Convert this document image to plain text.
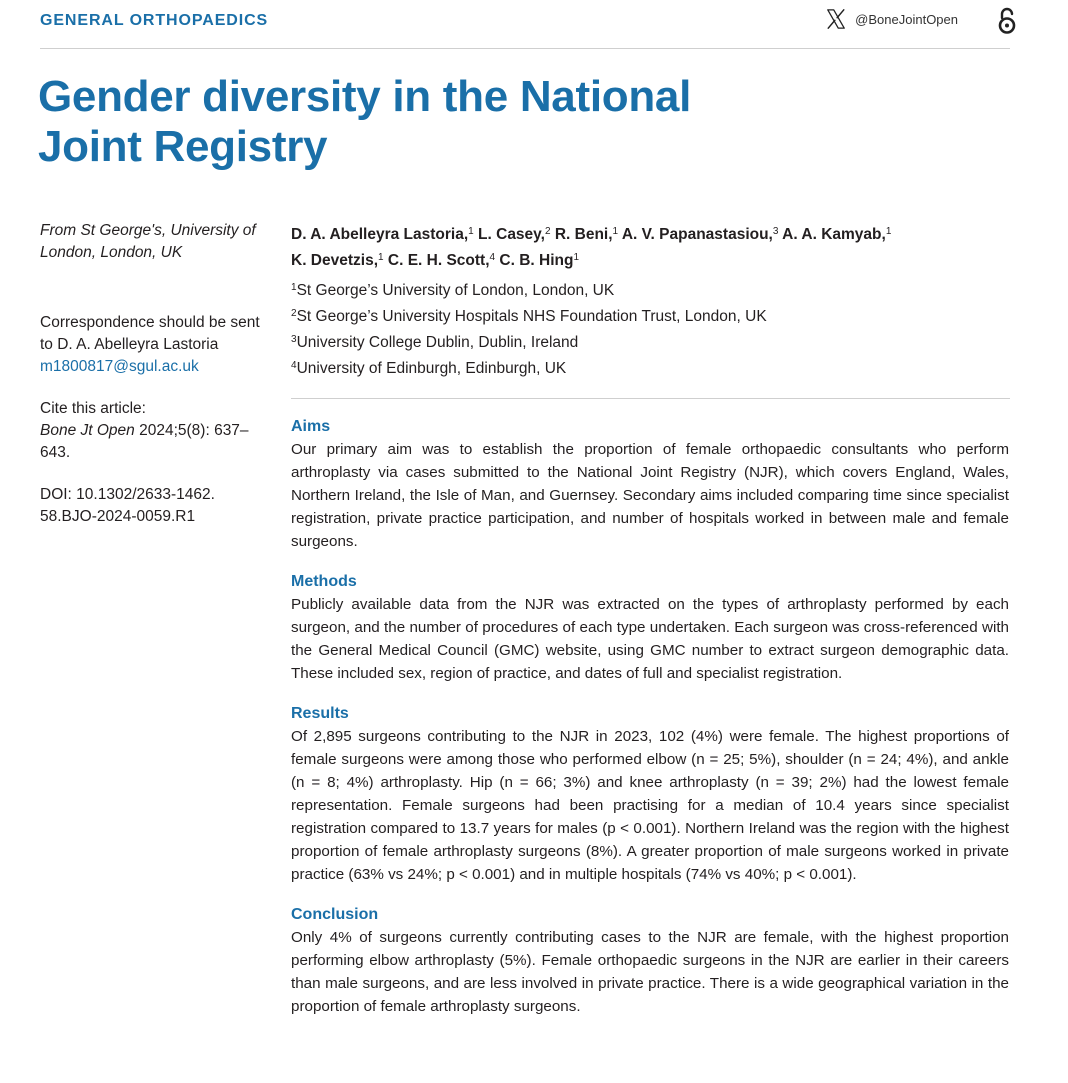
GENERAL ORTHOPAEDICS	@BoneJointOpen
Gender diversity in the National
Joint Registry

From St George's, University of London, London, UK

Correspondence should be sent to D. A. Abelleyra Lastoria

m1800817@sgul.ac.uk

Cite this article:

Bone Jt Open 2024;5(8): 637–643.

DOI: 10.1302/2633-1462.
58.BJO-2024-0059.R1

D. A. Abelleyra Lastoria,$^1$ L. Casey,$^2$ R. Beni,$^1$ A. V. Papanastasiou,$^3$ A. A. Kamyab,$^1$
K. Devetzis,$^1$ C. E. H. Scott,$^4$ C. B. Hing$^1$

$^1$St George’s University of London, London, UK
$^2$St George’s University Hospitals NHS Foundation Trust, London, UK
$^3$University College Dublin, Dublin, Ireland
$^4$University of Edinburgh, Edinburgh, UK
Aims

Our primary aim was to establish the proportion of female orthopaedic consultants who perform arthroplasty via cases submitted to the National Joint Registry (NJR), which covers England, Wales, Northern Ireland, the Isle of Man, and Guernsey. Secondary aims included comparing time since specialist registration, private practice participation, and number of hospitals worked in between male and female surgeons.

Methods

Publicly available data from the NJR was extracted on the types of arthroplasty performed by each surgeon, and the number of procedures of each type undertaken. Each surgeon was cross-referenced with the General Medical Council (GMC) website, using GMC number to extract surgeon demographic data. These included sex, region of practice, and dates of full and specialist registration.

Results

Of 2,895 surgeons contributing to the NJR in 2023, 102 (4%) were female. The highest proportions of female surgeons were among those who performed elbow (n = 25; 5%), shoulder (n = 24; 4%), and ankle (n = 8; 4%) arthroplasty. Hip (n = 66; 3%) and knee arthroplasty (n = 39; 2%) had the lowest female representation. Female surgeons had been practising for a median of 10.4 years since specialist registration compared to 13.7 years for males (p < 0.001). Northern Ireland was the region with the highest proportion of female arthroplasty surgeons (8%). A greater proportion of male surgeons worked in private practice (63% vs 24%; p < 0.001) and in multiple hospitals (74% vs 40%; p < 0.001).

Conclusion

Only 4% of surgeons currently contributing cases to the NJR are female, with the highest proportion performing elbow arthroplasty (5%). Female orthopaedic surgeons in the NJR are earlier in their careers than male surgeons, and are less involved in private practice. There is a wide geographical variation in the proportion of female arthroplasty surgeons.
